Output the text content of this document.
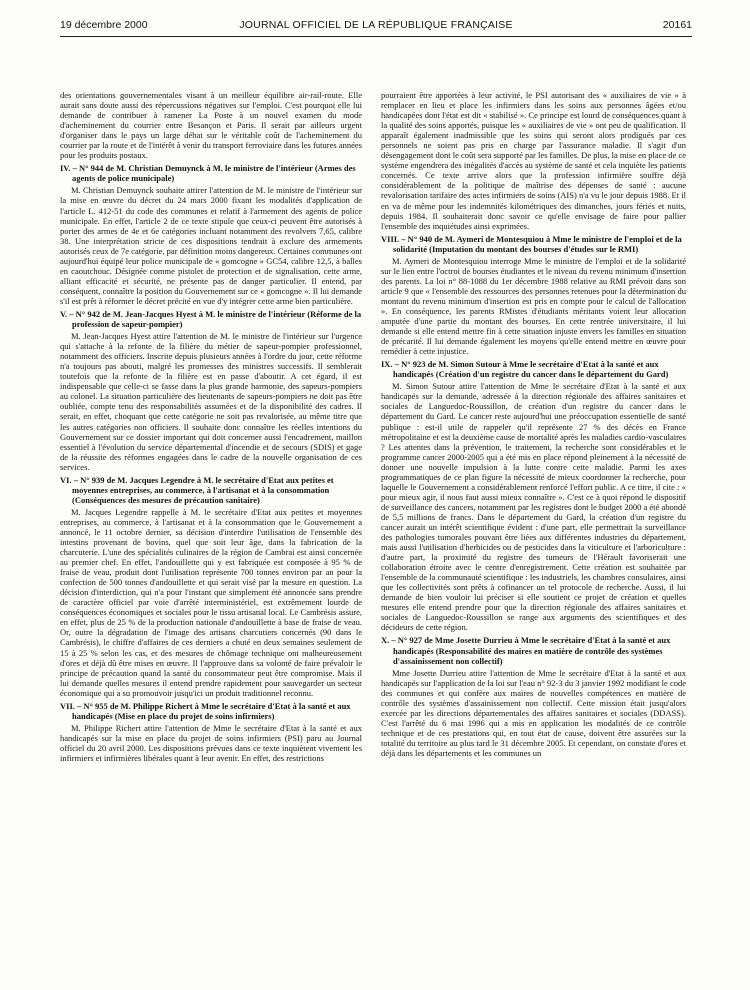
19 décembre 2000	JOURNAL OFFICIEL DE LA RÉPUBLIQUE FRANÇAISE	20161

des orientations gouvernementales visant à un meilleur équilibre air-rail-route. Elle aurait sans doute aussi des répercussions négatives sur l'emploi. C'est pourquoi elle lui demande de contribuer à ramener La Poste à un nouvel examen du mode d'acheminement du courrier entre Besançon et Paris. Il serait par ailleurs urgent d'organiser dans le pays un large débat sur le véritable coût de l'acheminement du courrier par la route et de l'intérêt à venir du transport ferroviaire dans les futures années pour les produits postaux.

IV. – N° 944 de M. Christian Demuynck à M. le ministre de l'intérieur (Armes des agents de police municipale)

M. Christian Demuynck souhaite attirer l'attention de M. le ministre de l'intérieur sur la mise en œuvre du décret du 24 mars 2000 fixant les modalités d'application de l'article L. 412-51 du code des communes et relatif à l'armement des agents de police municipale. En effet, l'article 2 de ce texte stipule que ceux-ci peuvent être autorisés à porter des armes de 4e et 6e catégories incluant notamment des revolvers 7,65, calibre 38. Une interprétation stricte de ces dispositions tendrait à exclure des armements autorisés ceux de 7e catégorie, par définition moins dangereux. Certaines communes ont aujourd'hui équipé leur police municipale de « gomcogne » GC54, calibre 12,5, à balles en caoutchouc. Désignée comme pistolet de protection et de signalisation, cette arme, alliant efficacité et sécurité, ne présente pas de danger particulier. Il entend, par conséquent, connaître la position du Gouvernement sur ce « gomcogne ». Il lui demande s'il est prêt à réformer le décret précité en vue d'y intégrer cette arme bien particulière.

V. – N° 942 de M. Jean-Jacques Hyest à M. le ministre de l'intérieur (Réforme de la profession de sapeur-pompier)

M. Jean-Jacques Hyest attire l'attention de M. le ministre de l'intérieur sur l'urgence qui s'attache à la refonte de la filière du métier de sapeur-pompier professionnel, notamment des officiers. Inscrite depuis plusieurs années à l'ordre du jour, cette réforme n'a toujours pas abouti, malgré les promesses des ministres successifs. Il semblerait toutefois que la refonte de la filière est en passe d'aboutir. A cet égard, il est indispensable que celle-ci se fasse dans la plus grande harmonie, des sapeurs-pompiers au colonel. La situation particulière des lieutenants de sapeurs-pompiers ne doit pas être oubliée, compte tenu des responsabilités assumées et de la disponibilité des cadres. Il serait, en effet, choquant que cette catégorie ne soit pas revalorisée, au même titre que les autres catégories non officiers. Il souhaite donc connaître les réelles intentions du Gouvernement sur ce dossier important qui doit concerner aussi l'encadrement, maillon essentiel à l'évolution du service départemental d'incendie et de secours (SDIS) et gage de la réussite des réformes engagées dans le cadre de la nouvelle organisation de ces services.

VI. – N° 939 de M. Jacques Legendre à M. le secrétaire d'Etat aux petites et moyennes entreprises, au commerce, à l'artisanat et à la consommation (Conséquences des mesures de précaution sanitaire)

M. Jacques Legendre rappelle à M. le secrétaire d'Etat aux petites et moyennes entreprises, au commerce, à l'artisanat et à la consommation que le Gouvernement a annoncé, le 11 octobre dernier, sa décision d'interdire l'utilisation de l'ensemble des intestins provenant de bovins, quel que soit leur âge, dans la fabrication de la charcuterie. L'une des spécialités culinaires de la région de Cambrai est ainsi concernée au premier chef. En effet, l'andouillette qui y est fabriquée est composée à 95 % de fraise de veau, produit dont l'utilisation représente 700 tonnes environ par an pour la confection de 500 tonnes d'andouillette et qui serait visé par la mesure en question. La décision d'interdiction, qui n'a pour l'instant que simplement été annoncée sans prendre de caractère officiel par voie d'arrêté interministériel, est extrêmement lourde de conséquences économiques et sociales pour le tissu artisanal local. Le Cambrésis assure, en effet, plus de 25 % de la production nationale d'andouillette à base de fraise de veau. Or, outre la dégradation de l'image des artisans charcutiers concernés (90 dans le Cambrésis), le chiffre d'affaires de ces derniers a chuté en deux semaines seulement de 15 à 25 % selon les cas, et des mesures de chômage technique ont malheureusement d'ores et déjà dû être mises en œuvre. Il l'approuve dans sa volonté de faire prévaloir le principe de précaution quand la santé du consommateur peut être compromise. Mais il lui demande quelles mesures il entend prendre rapidement pour sauvegarder un secteur économique qui a su promouvoir jusqu'ici un produit traditionnel reconnu.

VII. – N° 955 de M. Philippe Richert à Mme le secrétaire d'Etat à la santé et aux handicapés (Mise en place du projet de soins infirmiers)

M. Philippe Richert attire l'attention de Mme le secrétaire d'Etat à la santé et aux handicapés sur la mise en place du projet de soins infirmiers (PSI) paru au Journal officiel du 20 avril 2000. Les dispositions prévues dans ce texte inquiètent vivement les infirmiers et infirmières libérales quant à leur avenir. En effet, des restrictions

pourraient être apportées à leur activité, le PSI autorisant des « auxiliaires de vie » à remplacer en lieu et place les infirmiers dans les soins aux personnes âgées et/ou handicapées dont l'état est dit « stabilisé ». Ce principe est lourd de conséquences quant à la qualité des soins apportés, puisque les « auxiliaires de vie » ont peu de qualification. Il apparaît également inadmissible que les soins qui seront alors prodigués par ces personnels ne soient pas pris en charge par l'assurance maladie. Il s'agit d'un désengagement dont le coût sera supporté par les familles. De plus, la mise en place de ce système engendrera des inégalités d'accès au système de santé et cela inquiète les patients concernés. Ce texte arrive alors que la profession infirmière souffre déjà considérablement de la politique de maîtrise des dépenses de santé : aucune revalorisation tarifaire des actes infirmiers de soins (AIS) n'a vu le jour depuis 1988. Et il en va de même pour les indemnités kilométriques des dimanches, jours fériés et nuits, depuis 1984. Il souhaiterait donc savoir ce qu'elle envisage de faire pour pallier l'ensemble des inquiétudes ainsi exprimées.

VIII. – N° 940 de M. Aymeri de Montesquiou à Mme le ministre de l'emploi et de la solidarité (Imputation du montant des bourses d'études sur le RMI)

M. Aymeri de Montesquiou interroge Mme le ministre de l'emploi et de la solidarité sur le lien entre l'octroi de bourses étudiantes et le niveau du revenu minimum d'insertion des parents. La loi n° 88-1088 du 1er décembre 1988 relative au RMI prévoit dans son article 9 que « l'ensemble des ressources des personnes retenues pour la détermination du montant du revenu minimum d'insertion est pris en compte pour le calcul de l'allocation ». En conséquence, les parents RMistes d'étudiants méritants voient leur allocation amputée d'une partie du montant des bourses. En cette rentrée universitaire, il lui demande si elle entend mettre fin à cette situation injuste envers les familles en situation de précarité. Il lui demande également les moyens qu'elle entend mettre en œuvre pour remédier à cette injustice.

IX. – N° 923 de M. Simon Sutour à Mme le secrétaire d'Etat à la santé et aux handicapés (Création d'un registre du cancer dans le département du Gard)

M. Simon Sutour attire l'attention de Mme le secrétaire d'Etat à la santé et aux handicapés sur la demande, adressée à la direction régionale des affaires sanitaires et sociales de Languedoc-Roussillon, de création d'un registre du cancer dans le département du Gard. Le cancer reste aujourd'hui une préoccupation essentielle de santé publique : est-il utile de rappeler qu'il représente 27 % des décès en France métropolitaine et est la deuxième cause de mortalité après les maladies cardio-vasculaires ? Les attentes dans la prévention, le traitement, la recherche sont considérables et le programme cancer 2000-2005 qui a été mis en place répond pleinement à la nécessité de donner une nouvelle impulsion à la lutte contre cette maladie. Parmi les axes programmatiques de ce plan figure la nécessité de mieux coordonner la recherche, pour laquelle le Gouvernement a considérablement renforcé l'effort public. A ce titre, il cite : « pour mieux agir, il nous faut aussi mieux connaître ». C'est ce à quoi répond le dispositif de surveillance des cancers, notamment par les registres dont le budget 2000 a été abondé de 5,5 millions de francs. Dans le département du Gard, la création d'un registre du cancer aurait un intérêt scientifique évident : d'une part, elle permettrait la surveillance des pathologies tumorales pouvant être liées aux différentes industries du département, mais aussi l'utilisation d'herbicides ou de pesticides dans la viticulture et l'arboriculture : d'autre part, la proximité du registre des tumeurs de l'Hérault favoriserait une collaboration étroite avec le centre d'enregistrement. Cette création est souhaitée par l'ensemble de la communauté scientifique : les industriels, les chambres consulaires, ainsi que les collectivités sont prêts à cofinancer un tel protocole de recherche. Aussi, il lui demande de bien vouloir lui préciser si elle soutient ce projet de création et quelles mesures elle entend prendre pour que la direction régionale des affaires sanitaires et sociales de Languedoc-Roussillon se range aux arguments des scientifiques et des décideurs de cette région.

X. – N° 927 de Mme Josette Durrieu à Mme le secrétaire d'Etat à la santé et aux handicapés (Responsabilité des maires en matière de contrôle des systèmes d'assainissement non collectif)

Mme Josette Durrieu attire l'attention de Mme le secrétaire d'Etat à la santé et aux handicapés sur l'application de la loi sur l'eau n° 92-3 du 3 janvier 1992 modifiant le code des communes et qui confère aux maires de nouvelles compétences en matière de contrôle des systèmes d'assainissement non collectif. Cette mission était jusqu'alors exercée par les directions départementales des affaires sanitaires et sociales (DDASS). C'est l'arrêté du 6 mai 1996 qui a mis en application les modalités de ce contrôle technique et de ces prestations qui, en tout état de cause, doivent être assurées sur la totalité du territoire au plus tard le 31 décembre 2005. Et cependant, on constate d'ores et déjà dans les départements et les communes un
